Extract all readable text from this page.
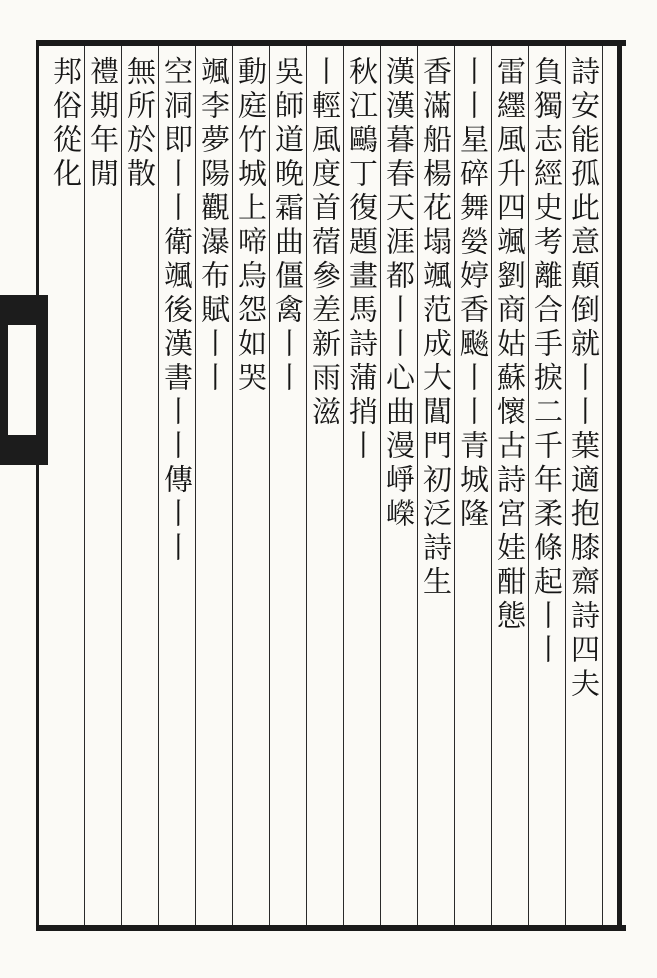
詩安能孤此意顛倒就丨丨葉適抱膝齋詩四夫
負獨志經史考離合手捩二千年柔條起丨丨
雷纆風升四颯劉商姑蘇懷古詩宮娃酣態
丨丨星碎舞嫈婷香飈丨丨青城隆
香滿船楊花塌颯范成大閶門初泛詩生
漢漢暮春天涯都丨丨心曲漫崢嶸
秋江鷗丁復題畫馬詩蒲捎丨
丨輕風度首蓿參差新雨滋
吳師道晚霜曲僵禽丨丨
動庭竹城上啼烏怨如哭
颯李夢陽觀瀑布賦丨丨
空洞即丨丨衛颯後漢書丨丨傳丨丨
無所於散
禮期年閒
邦俗從化
